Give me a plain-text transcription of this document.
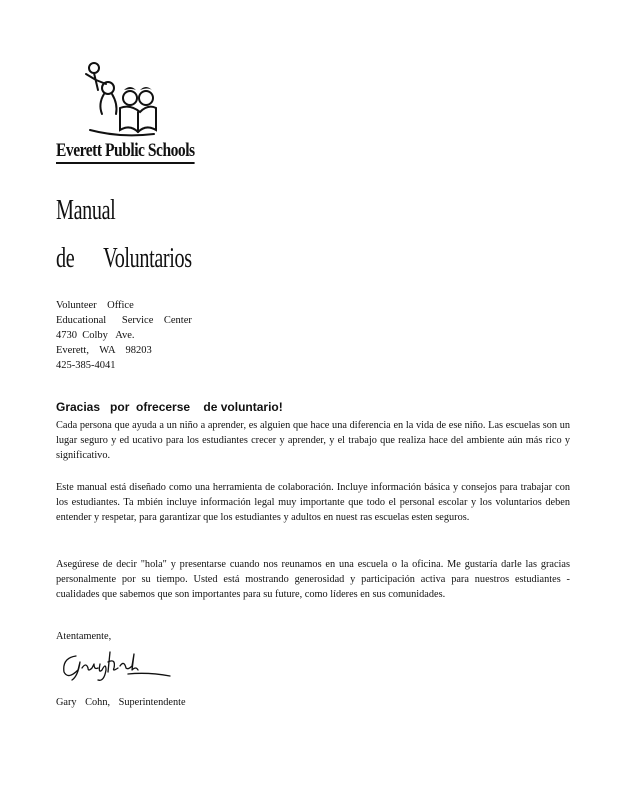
Everett Public Schools
Manual
de Voluntarios
Volunteer    Office
Educational      Service    Center
4730  Colby   Ave.
Everett,    WA    98203
425-385-4041
Gracias   por  ofrecerse    de voluntario!

Cada persona que ayuda a un niño a aprender, es alguien que hace una diferencia en la vida de ese niño. Las escuelas son un lugar seguro y ed ucativo para los estudiantes crecer y aprender, y el trabajo que realiza hace del ambiente aún más rico y significativo.

Este manual está diseñado como una herramienta de colaboración. Incluye información básica y consejos para trabajar con los estudiantes. Ta mbién incluye información legal muy importante que todo el personal escolar y los voluntarios deben entender y respetar, para garantizar que los estudiantes y adultos en nuest ras escuelas esten seguros.

Asegúrese de decir "hola" y presentarse cuando nos reunamos en una escuela o la oficina. Me gustaría darle las gracias personalmente por su tiempo. Usted está mostrando generosidad y participación activa para nuestros estudiantes - cualidades que sabemos que son importantes para su future, como líderes en sus comunidades.

Atentamente,
Gary Cohn, Superintendente
